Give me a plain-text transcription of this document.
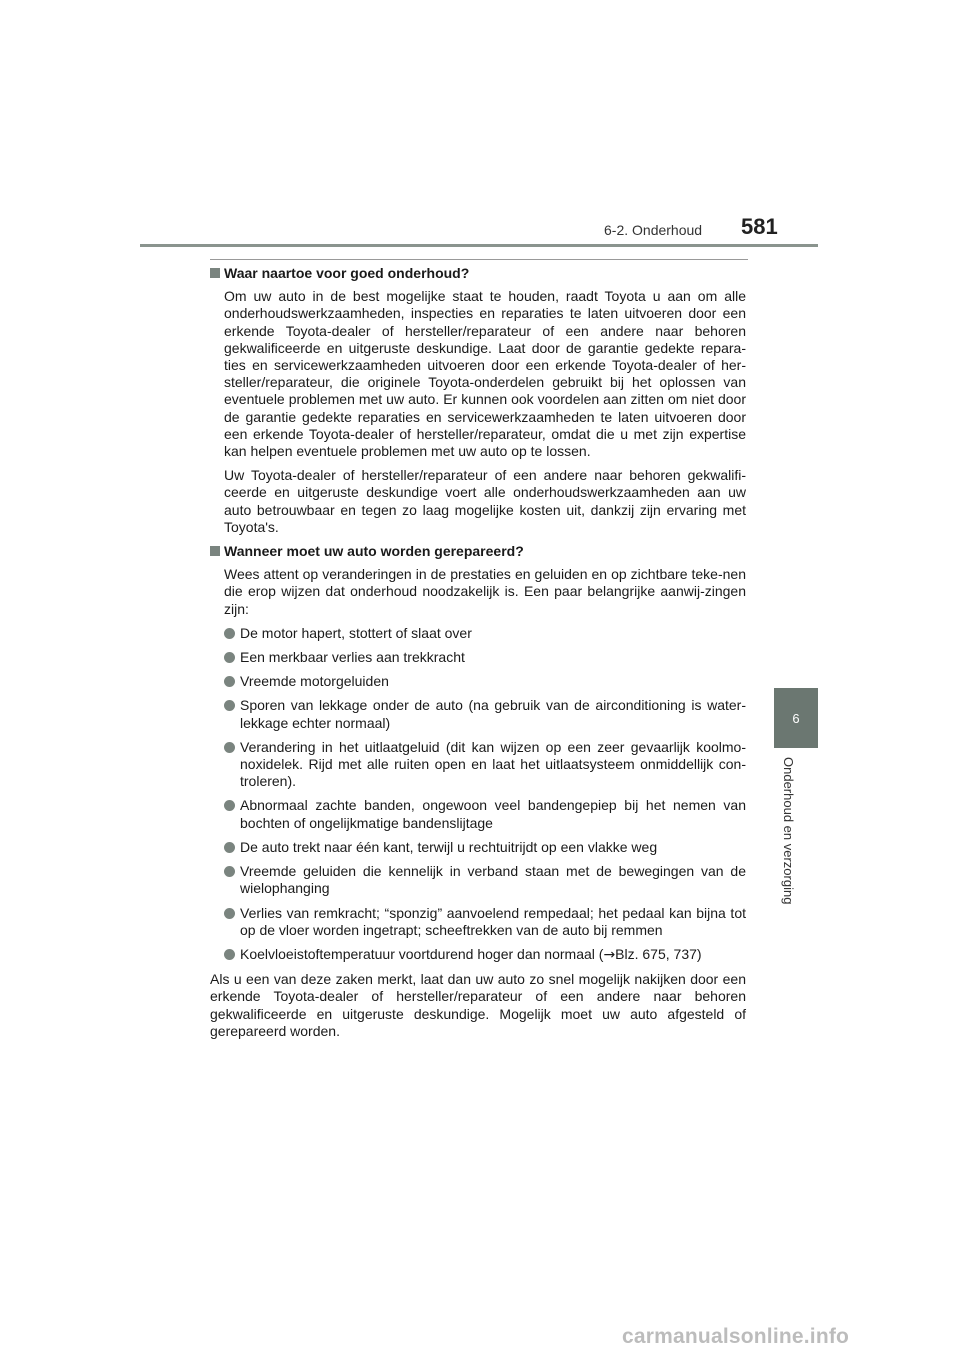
6-2. Onderhoud 581
6
Onderhoud en verzorging
Waar naartoe voor goed onderhoud?

Om uw auto in de best mogelijke staat te houden, raadt Toyota u aan om alle onderhoudswerkzaamheden, inspecties en reparaties te laten uitvoeren door een erkende Toyota-dealer of hersteller/reparateur of een andere naar behoren gekwalificeerde en uitgeruste deskundige. Laat door de garantie gedekte repara-ties en servicewerkzaamheden uitvoeren door een erkende Toyota-dealer of her-steller/reparateur, die originele Toyota-onderdelen gebruikt bij het oplossen van eventuele problemen met uw auto. Er kunnen ook voordelen aan zitten om niet door de garantie gedekte reparaties en servicewerkzaamheden te laten uitvoeren door een erkende Toyota-dealer of hersteller/reparateur, omdat die u met zijn expertise kan helpen eventuele problemen met uw auto op te lossen.

Uw Toyota-dealer of hersteller/reparateur of een andere naar behoren gekwalifi-ceerde en uitgeruste deskundige voert alle onderhoudswerkzaamheden aan uw auto betrouwbaar en tegen zo laag mogelijke kosten uit, dankzij zijn ervaring met Toyota's.

Wanneer moet uw auto worden gerepareerd?

Wees attent op veranderingen in de prestaties en geluiden en op zichtbare teke-nen die erop wijzen dat onderhoud noodzakelijk is. Een paar belangrijke aanwij-zingen zijn:

De motor hapert, stottert of slaat over
Een merkbaar verlies aan trekkracht
Vreemde motorgeluiden
Sporen van lekkage onder de auto (na gebruik van de airconditioning is water-lekkage echter normaal)
Verandering in het uitlaatgeluid (dit kan wijzen op een zeer gevaarlijk koolmo-noxidelek. Rijd met alle ruiten open en laat het uitlaatsysteem onmiddellijk con-troleren).
Abnormaal zachte banden, ongewoon veel bandengepiep bij het nemen van bochten of ongelijkmatige bandenslijtage
De auto trekt naar één kant, terwijl u rechtuitrijdt op een vlakke weg
Vreemde geluiden die kennelijk in verband staan met de bewegingen van de wielophanging
Verlies van remkracht; “sponzig” aanvoelend rempedaal; het pedaal kan bijna tot op de vloer worden ingetrapt; scheeftrekken van de auto bij remmen
Koelvloeistoftemperatuur voortdurend hoger dan normaal (→Blz. 675, 737)

Als u een van deze zaken merkt, laat dan uw auto zo snel mogelijk nakijken door een erkende Toyota-dealer of hersteller/reparateur of een andere naar behoren gekwalificeerde en uitgeruste deskundige. Mogelijk moet uw auto afgesteld of gerepareerd worden.

carmanualsonline.info
